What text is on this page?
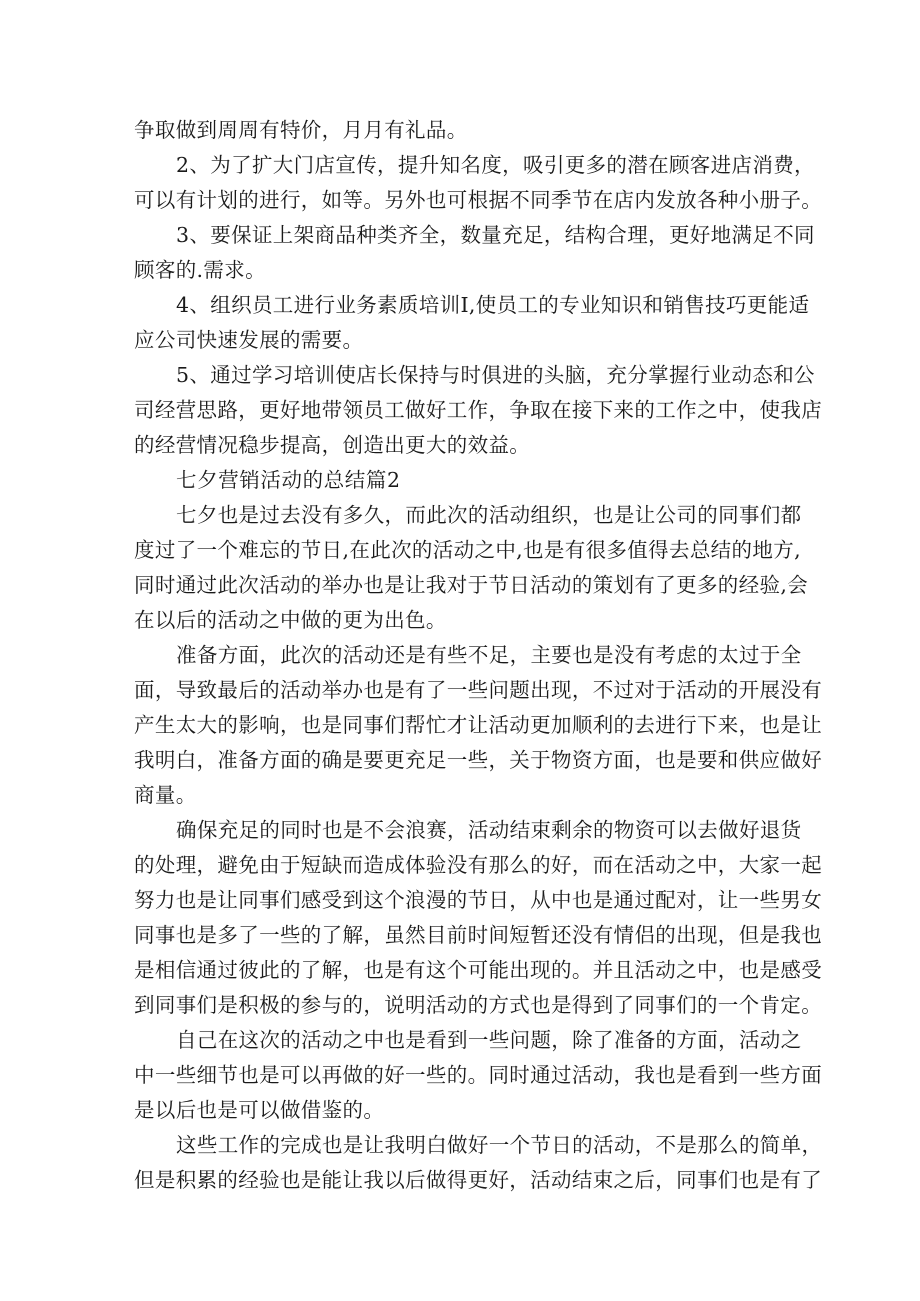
争取做到周周有特价，月月有礼品。

2、为了扩大门店宣传，提升知名度，吸引更多的潜在顾客进店消费，

可以有计划的进行，如等。另外也可根据不同季节在店内发放各种小册子。

3、要保证上架商品种类齐全，数量充足，结构合理，更好地满足不同

顾客的.需求。

4、组织员工进行业务素质培训I,使员工的专业知识和销售技巧更能适

应公司快速发展的需要。

5、通过学习培训使店长保持与时俱进的头脑，充分掌握行业动态和公

司经营思路，更好地带领员工做好工作，争取在接下来的工作之中，使我店

的经营情况稳步提高，创造出更大的效益。

七夕营销活动的总结篇2

七夕也是过去没有多久，而此次的活动组织，也是让公司的同事们都

度过了一个难忘的节日,在此次的活动之中,也是有很多值得去总结的地方,

同时通过此次活动的举办也是让我对于节日活动的策划有了更多的经验,会

在以后的活动之中做的更为出色。

准备方面，此次的活动还是有些不足，主要也是没有考虑的太过于全

面，导致最后的活动举办也是有了一些问题出现，不过对于活动的开展没有

产生太大的影响，也是同事们帮忙才让活动更加顺利的去进行下来，也是让

我明白，准备方面的确是要更充足一些，关于物资方面，也是要和供应做好

商量。

确保充足的同时也是不会浪赛，活动结束剩余的物资可以去做好退货

的处理，避免由于短缺而造成体验没有那么的好，而在活动之中，大家一起

努力也是让同事们感受到这个浪漫的节日，从中也是通过配对，让一些男女

同事也是多了一些的了解，虽然目前时间短暂还没有情侣的出现，但是我也

是相信通过彼此的了解，也是有这个可能出现的。并且活动之中，也是感受

到同事们是积极的参与的，说明活动的方式也是得到了同事们的一个肯定。

自己在这次的活动之中也是看到一些问题，除了准备的方面，活动之

中一些细节也是可以再做的好一些的。同时通过活动，我也是看到一些方面

是以后也是可以做借鉴的。

这些工作的完成也是让我明白做好一个节日的活动，不是那么的简单，

但是积累的经验也是能让我以后做得更好，活动结束之后，同事们也是有了
